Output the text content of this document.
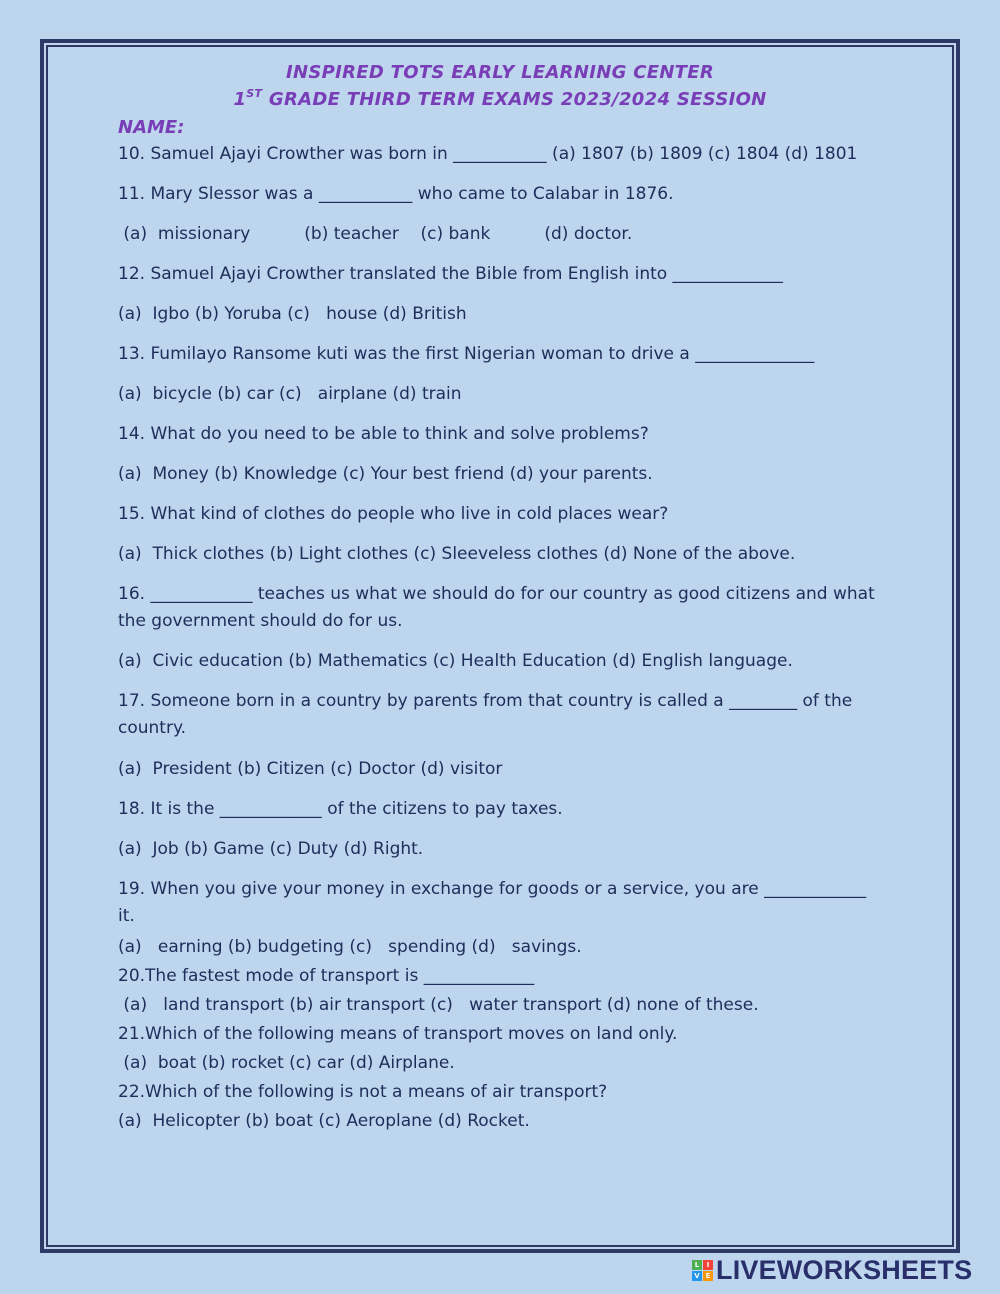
INSPIRED TOTS EARLY LEARNING CENTER
1ST GRADE THIRD TERM EXAMS 2023/2024 SESSION
NAME:
10. Samuel Ajayi Crowther was born in ___________ (a) 1807 (b) 1809 (c) 1804 (d) 1801
11. Mary Slessor was a ___________ who came to Calabar in 1876.
(a)  missionary          (b) teacher    (c) bank          (d) doctor.
12. Samuel Ajayi Crowther translated the Bible from English into _____________
(a)  Igbo (b) Yoruba (c)   house (d) British
13. Fumilayo Ransome kuti was the first Nigerian woman to drive a ______________
(a)  bicycle (b) car (c)   airplane (d) train
14. What do you need to be able to think and solve problems?
(a)  Money (b) Knowledge (c) Your best friend (d) your parents.
15. What kind of clothes do people who live in cold places wear?
(a)  Thick clothes (b) Light clothes (c) Sleeveless clothes (d) None of the above.
16. ____________ teaches us what we should do for our country as good citizens and what the government should do for us.
(a)  Civic education (b) Mathematics (c) Health Education (d) English language.
17. Someone born in a country by parents from that country is called a ________ of the country.
(a)  President (b) Citizen (c) Doctor (d) visitor
18. It is the ____________ of the citizens to pay taxes.
(a)  Job (b) Game (c) Duty (d) Right.
19. When you give your money in exchange for goods or a service, you are ____________ it.
(a)   earning (b) budgeting (c)   spending (d)   savings.
20.The fastest mode of transport is _____________
(a)   land transport (b) air transport (c)   water transport (d) none of these.
21.Which of the following means of transport moves on land only.
(a)  boat (b) rocket (c) car (d) Airplane.
22.Which of the following is not a means of air transport?
(a)  Helicopter (b) boat (c) Aeroplane (d) Rocket.
L	I
V E LIVEWORKSHEETS
